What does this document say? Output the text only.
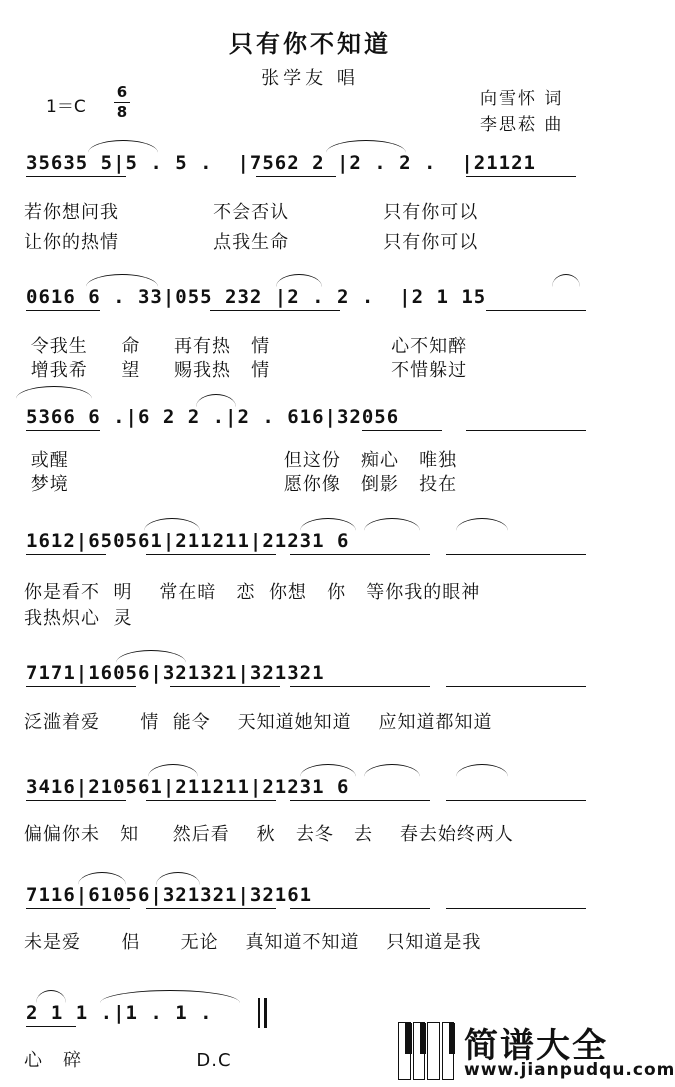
只有你不知道
张学友 唱
1＝C
6
8
向雪怀 词
李思菘 曲
35635 5|5 . 5 .  |7562 2 |2 . 2 .  |21121
若你想问我              不会否认              只有你可以
让你的热情              点我生命              只有你可以
0616 6 . 33|055 232 |2 . 2 .  |2 1 15
令我生     命     再有热   情                  心不知醉
增我希     望     赐我热   情                  不惜躲过
5366 6 .|6 2 2 .|2 . 616|32056
或醒                                但这份   痴心   唯独
梦境                                愿你像   倒影   投在
1612|650561|211211|21231 6
你是看不  明    常在暗   恋  你想   你   等你我的眼神
我热炽心  灵
7171|16056|321321|321321
泛滥着爱      情  能令    天知道她知道    应知道都知道
3416|210561|211211|21231 6
偏偏你未   知     然后看    秋   去冬   去    春去始终两人
7116|61056|321321|32161
未是爱      侣      无论    真知道不知道    只知道是我
2 1 1 .|1 . 1 .
心   碎                 D.C	简谱大全
www.jianpudqu.com
